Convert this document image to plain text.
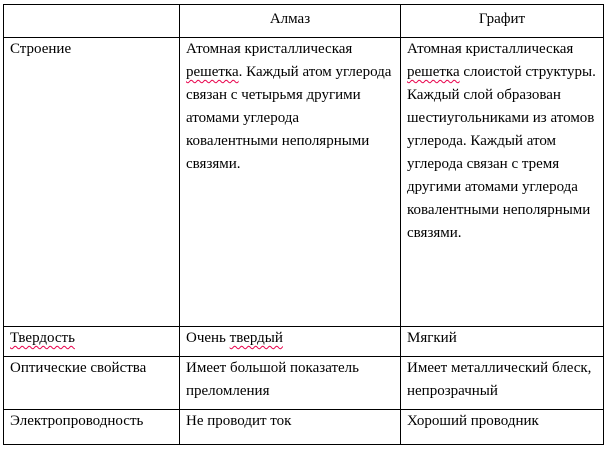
	Алмаз	Графит
Строение	Атомная кристаллическая решетка. Каждый атом углерода связан с четырьмя другими атомами углерода ковалентными неполярными связями.	Атомная кристаллическая решетка слоистой структуры. Каждый слой образован шестиугольниками из атомов углерода. Каждый атом углерода связан с тремя другими атомами углерода ковалентными неполярными связями.
Твердость	Очень твердый	Мягкий
Оптические свойства	Имеет большой показатель преломления	Имеет металлический блеск, непрозрачный
Электропроводность	Не проводит ток	Хороший проводник
